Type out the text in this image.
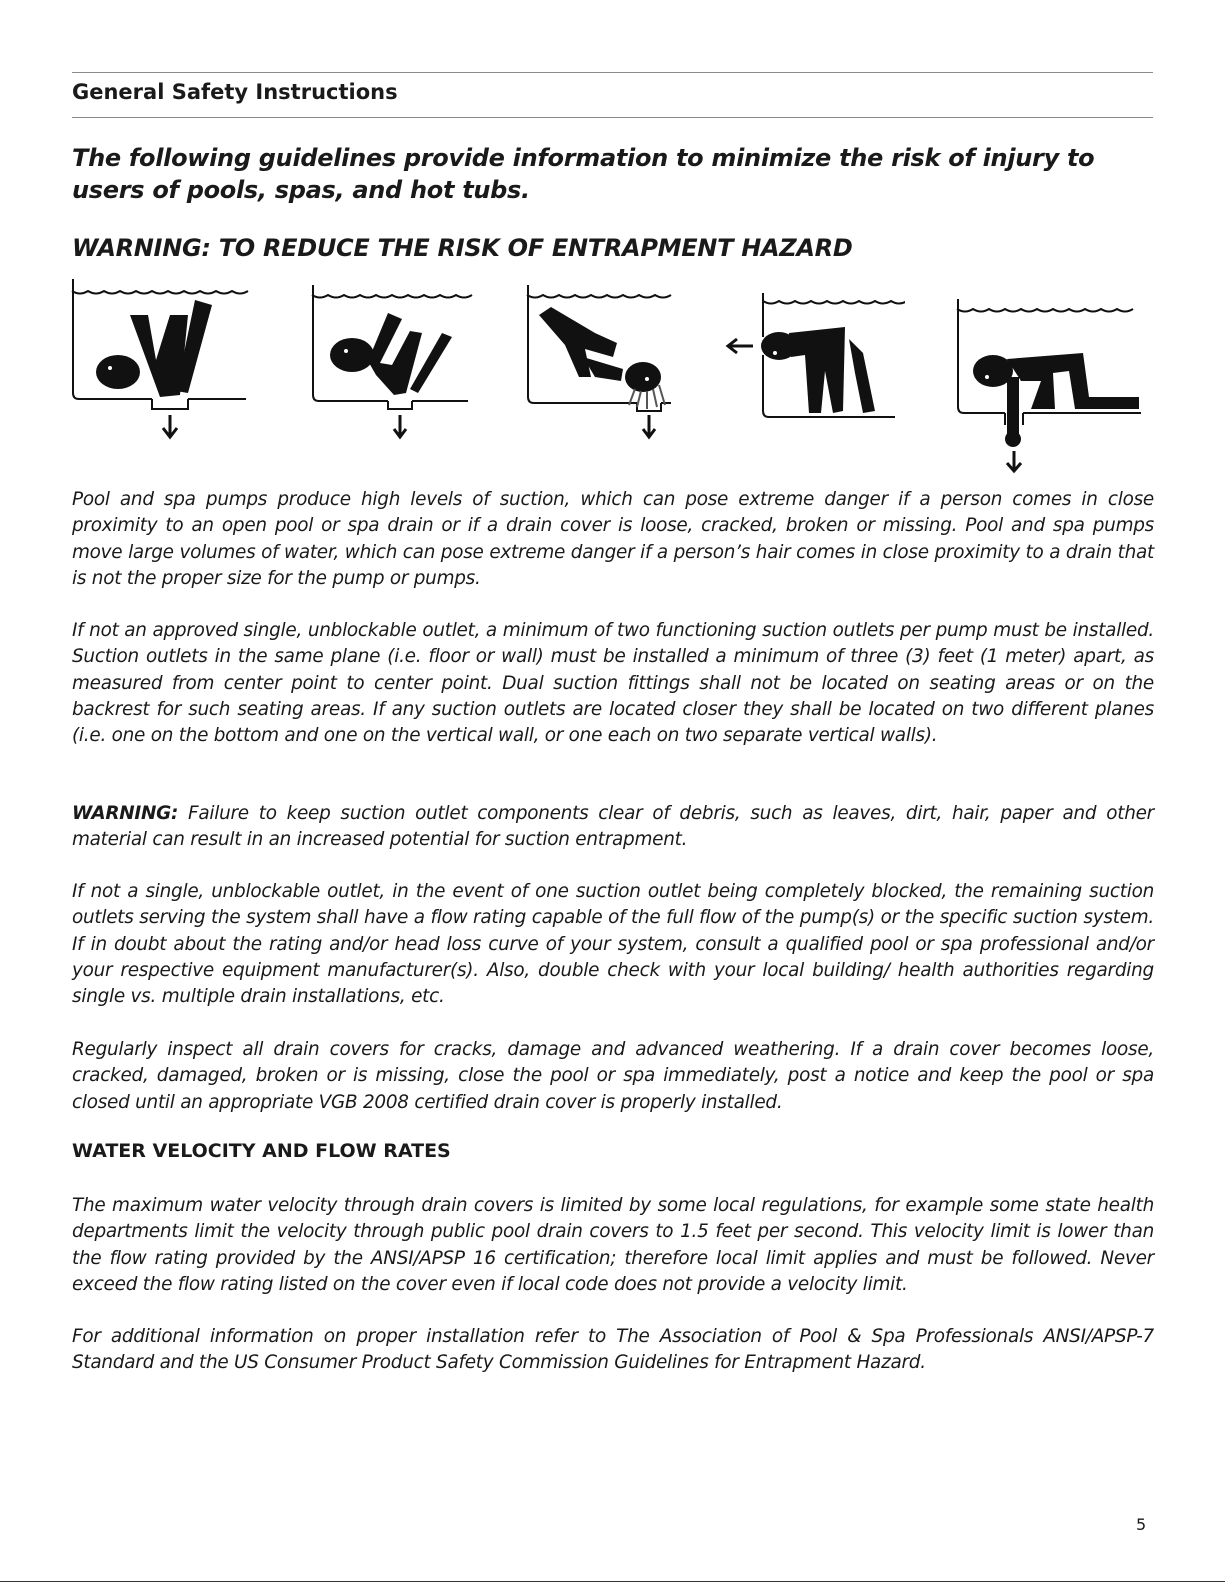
General Safety Instructions

The following guidelines provide information to minimize the risk of injury to users of pools, spas, and hot tubs.

WARNING: TO REDUCE THE RISK OF ENTRAPMENT HAZARD

Pool and spa pumps produce high levels of suction, which can pose extreme danger if a person comes in close proximity to an open pool or spa drain or if a drain cover is loose, cracked, broken or missing. Pool and spa pumps move large volumes of water, which can pose extreme danger if a person’s hair comes in close proximity to a drain that is not the proper size for the pump or pumps.

If not an approved single, unblockable outlet, a minimum of two functioning suction outlets per pump must be installed. Suction outlets in the same plane (i.e. floor or wall) must be installed a minimum of three (3) feet (1 meter) apart, as measured from center point to center point. Dual suction fittings shall not be located on seating areas or on the backrest for such seating areas. If any suction outlets are located closer they shall be located on two different planes (i.e. one on the bottom and one on the vertical wall, or one each on two separate vertical walls).

WARNING: Failure to keep suction outlet components clear of debris, such as leaves, dirt, hair, paper and other material can result in an increased potential for suction entrapment.

If not a single, unblockable outlet, in the event of one suction outlet being completely blocked, the remaining suction outlets serving the system shall have a flow rating capable of the full flow of the pump(s) or the specific suction system. If in doubt about the rating and/or head loss curve of your system, consult a qualified pool or spa professional and/or your respective equipment manufacturer(s). Also, double check with your local building/ health authorities regarding single vs. multiple drain installations, etc.

Regularly inspect all drain covers for cracks, damage and advanced weathering. If a drain cover becomes loose, cracked, damaged, broken or is missing, close the pool or spa immediately, post a notice and keep the pool or spa closed until an appropriate VGB 2008 certified drain cover is properly installed.

WATER VELOCITY AND FLOW RATES

The maximum water velocity through drain covers is limited by some local regulations, for example some state health departments limit the velocity through public pool drain covers to 1.5 feet per second. This velocity limit is lower than the flow rating provided by the ANSI/APSP 16 certification; therefore local limit applies and must be followed. Never exceed the flow rating listed on the cover even if local code does not provide a velocity limit.

For additional information on proper installation refer to The Association of Pool & Spa Professionals ANSI/APSP-7 Standard and the US Consumer Product Safety Commission Guidelines for Entrapment Hazard.

5
